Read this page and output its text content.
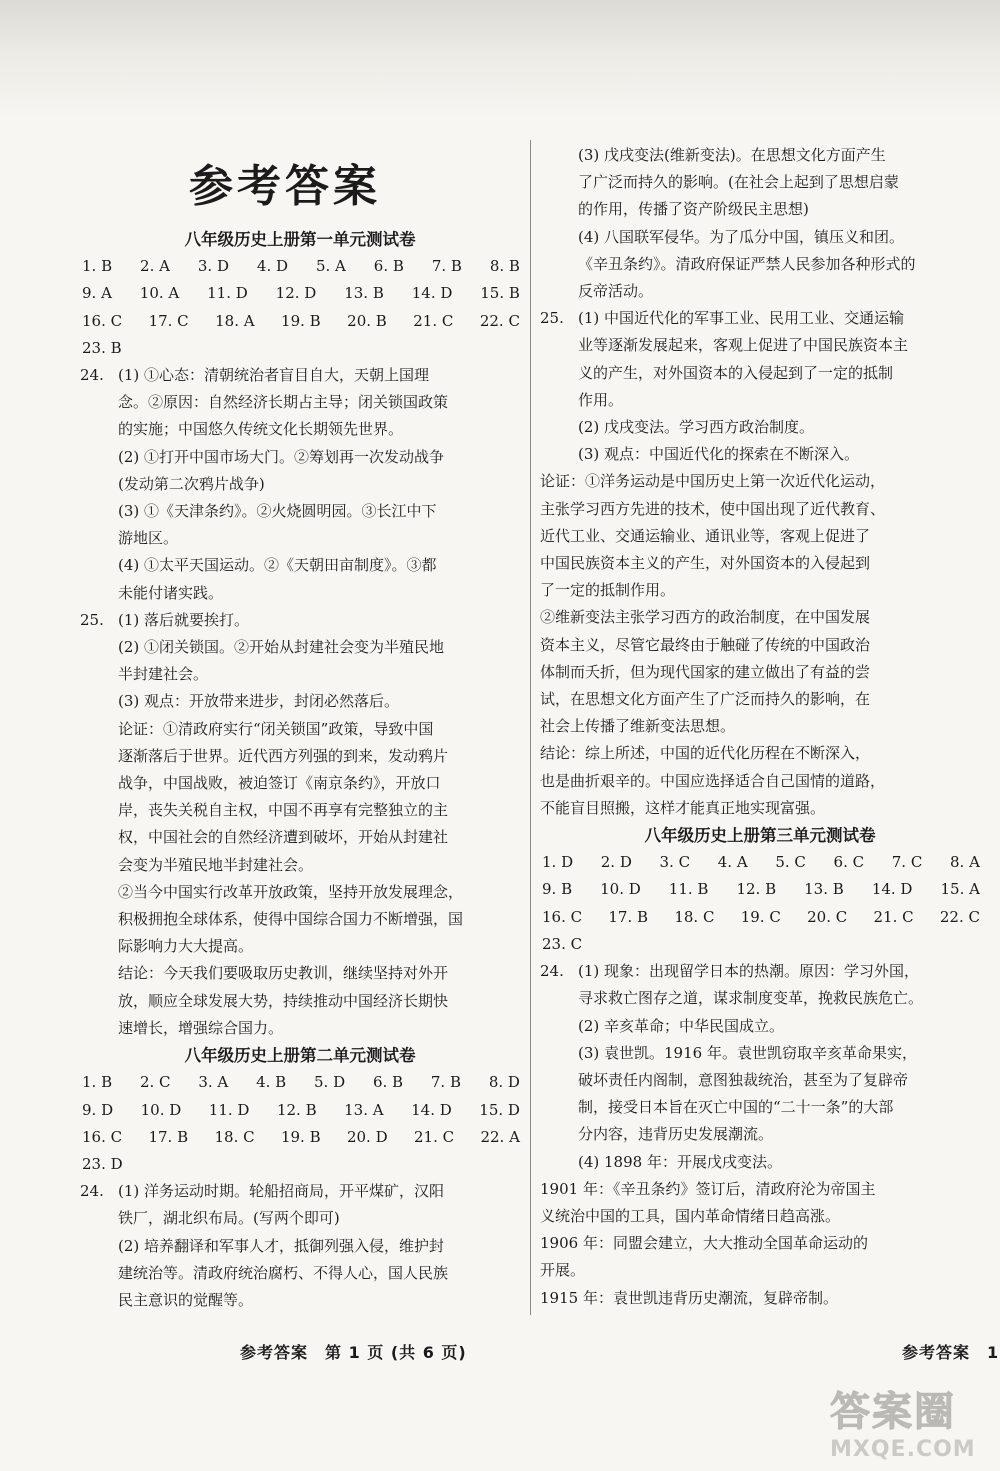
参考答案
八年级历史上册第一单元测试卷
1. B 2. A 3. D 4. D 5. A 6. B 7. B 8. B
9. A 10. A 11. D 12. D 13. B 14. D 15. B
16. C 17. C 18. A 19. B 20. B 21. C 22. C
23. B
24. (1) ①心态：清朝统治者盲目自大，天朝上国理
念。②原因：自然经济长期占主导；闭关锁国政策
的实施；中国悠久传统文化长期领先世界。
(2) ①打开中国市场大门。②筹划再一次发动战争
(发动第二次鸦片战争)
(3) ①《天津条约》。②火烧圆明园。③长江中下
游地区。
(4) ①太平天国运动。②《天朝田亩制度》。③都
未能付诸实践。
25. (1) 落后就要挨打。
(2) ①闭关锁国。②开始从封建社会变为半殖民地
半封建社会。
(3) 观点：开放带来进步，封闭必然落后。
论证：①清政府实行“闭关锁国”政策，导致中国
逐渐落后于世界。近代西方列强的到来，发动鸦片
战争，中国战败，被迫签订《南京条约》，开放口
岸，丧失关税自主权，中国不再享有完整独立的主
权，中国社会的自然经济遭到破坏，开始从封建社
会变为半殖民地半封建社会。
②当今中国实行改革开放政策，坚持开放发展理念，
积极拥抱全球体系，使得中国综合国力不断增强，国
际影响力大大提高。
结论：今天我们要吸取历史教训，继续坚持对外开
放，顺应全球发展大势，持续推动中国经济长期快
速增长，增强综合国力。
八年级历史上册第二单元测试卷
1. B 2. C 3. A 4. B 5. D 6. B 7. B 8. D
9. D 10. D 11. D 12. B 13. A 14. D 15. D
16. C 17. B 18. C 19. B 20. D 21. C 22. A
23. D
24. (1) 洋务运动时期。轮船招商局，开平煤矿，汉阳
铁厂，湖北织布局。(写两个即可)
(2) 培养翻译和军事人才，抵御列强入侵，维护封
建统治等。清政府统治腐朽、不得人心，国人民族
民主意识的觉醒等。
(3) 戊戌变法(维新变法)。在思想文化方面产生
了广泛而持久的影响。(在社会上起到了思想启蒙
的作用，传播了资产阶级民主思想)
(4) 八国联军侵华。为了瓜分中国，镇压义和团。
《辛丑条约》。清政府保证严禁人民参加各种形式的
反帝活动。
25. (1) 中国近代化的军事工业、民用工业、交通运输
业等逐渐发展起来，客观上促进了中国民族资本主
义的产生，对外国资本的入侵起到了一定的抵制
作用。
(2) 戊戌变法。学习西方政治制度。
(3) 观点：中国近代化的探索在不断深入。
论证：①洋务运动是中国历史上第一次近代化运动，
主张学习西方先进的技术，使中国出现了近代教育、
近代工业、交通运输业、通讯业等，客观上促进了
中国民族资本主义的产生，对外国资本的入侵起到
了一定的抵制作用。
②维新变法主张学习西方的政治制度，在中国发展
资本主义，尽管它最终由于触碰了传统的中国政治
体制而夭折，但为现代国家的建立做出了有益的尝
试，在思想文化方面产生了广泛而持久的影响，在
社会上传播了维新变法思想。
结论：综上所述，中国的近代化历程在不断深入，
也是曲折艰辛的。中国应选择适合自己国情的道路，
不能盲目照搬，这样才能真正地实现富强。
八年级历史上册第三单元测试卷
1. D 2. D 3. C 4. A 5. C 6. C 7. C 8. A
9. B 10. D 11. B 12. B 13. B 14. D 15. A
16. C 17. B 18. C 19. C 20. C 21. C 22. C
23. C
24. (1) 现象：出现留学日本的热潮。原因：学习外国，
寻求救亡图存之道，谋求制度变革，挽救民族危亡。
(2) 辛亥革命；中华民国成立。
(3) 袁世凯。1916 年。袁世凯窃取辛亥革命果实，
破坏责任内阁制，意图独裁统治，甚至为了复辟帝
制，接受日本旨在灭亡中国的“二十一条”的大部
分内容，违背历史发展潮流。
(4) 1898 年：开展戊戌变法。
1901 年：《辛丑条约》签订后，清政府沦为帝国主
义统治中国的工具，国内革命情绪日趋高涨。
1906 年：同盟会建立，大大推动全国革命运动的
开展。
1915 年：袁世凯违背历史潮流，复辟帝制。
参考答案　第 1 页 (共 6 页)	参考答案　1
答案圈
MXQE.COM
